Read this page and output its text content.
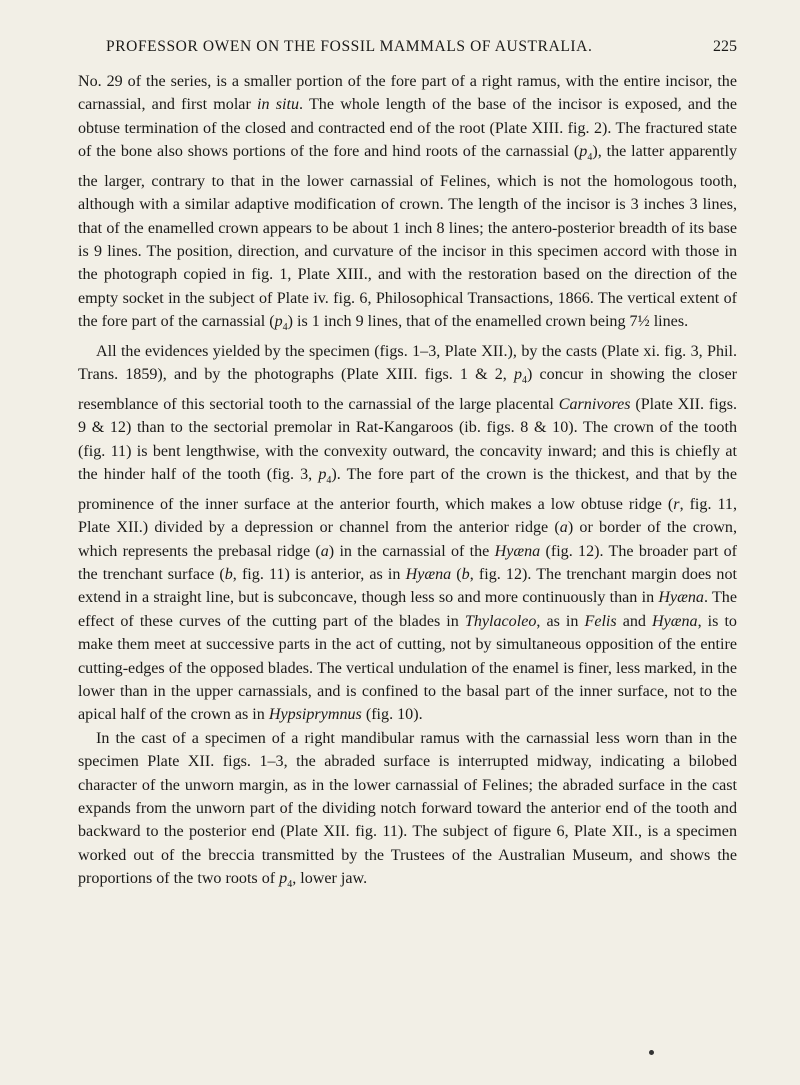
PROFESSOR OWEN ON THE FOSSIL MAMMALS OF AUSTRALIA.	225

No. 29 of the series, is a smaller portion of the fore part of a right ramus, with the entire incisor, the carnassial, and first molar in situ. The whole length of the base of the incisor is exposed, and the obtuse termination of the closed and contracted end of the root (Plate XIII. fig. 2). The fractured state of the bone also shows portions of the fore and hind roots of the carnassial $(p_4)$, the latter apparently the larger, contrary to that in the lower carnassial of Felines, which is not the homologous tooth, although with a similar adaptive modification of crown. The length of the incisor is 3 inches 3 lines, that of the enamelled crown appears to be about 1 inch 8 lines; the antero-posterior breadth of its base is 9 lines. The position, direction, and curvature of the incisor in this specimen accord with those in the photograph copied in fig. 1, Plate XIII., and with the restoration based on the direction of the empty socket in the subject of Plate iv. fig. 6, Philosophical Transactions, 1866. The vertical extent of the fore part of the carnassial $(p_4)$ is 1 inch 9 lines, that of the enamelled crown being 7½ lines.

All the evidences yielded by the specimen (figs. 1–3, Plate XII.), by the casts (Plate xi. fig. 3, Phil. Trans. 1859), and by the photographs (Plate XIII. figs. 1 & 2, $p_4$) concur in showing the closer resemblance of this sectorial tooth to the carnassial of the large placental Carnivores (Plate XII. figs. 9 & 12) than to the sectorial premolar in Rat-Kangaroos (ib. figs. 8 & 10). The crown of the tooth (fig. 11) is bent lengthwise, with the convexity outward, the concavity inward; and this is chiefly at the hinder half of the tooth (fig. 3, $p_4$). The fore part of the crown is the thickest, and that by the prominence of the inner surface at the anterior fourth, which makes a low obtuse ridge (r, fig. 11, Plate XII.) divided by a depression or channel from the anterior ridge (a) or border of the crown, which represents the prebasal ridge (a) in the carnassial of the Hyæna (fig. 12). The broader part of the trenchant surface (b, fig. 11) is anterior, as in Hyæna (b, fig. 12). The trenchant margin does not extend in a straight line, but is subconcave, though less so and more continuously than in Hyæna. The effect of these curves of the cutting part of the blades in Thylacoleo, as in Felis and Hyæna, is to make them meet at successive parts in the act of cutting, not by simultaneous opposition of the entire cutting-edges of the opposed blades. The vertical undulation of the enamel is finer, less marked, in the lower than in the upper carnassials, and is confined to the basal part of the inner surface, not to the apical half of the crown as in Hypsiprymnus (fig. 10).

In the cast of a specimen of a right mandibular ramus with the carnassial less worn than in the specimen Plate XII. figs. 1–3, the abraded surface is interrupted midway, indicating a bilobed character of the unworn margin, as in the lower carnassial of Felines; the abraded surface in the cast expands from the unworn part of the dividing notch forward toward the anterior end of the tooth and backward to the posterior end (Plate XII. fig. 11). The subject of figure 6, Plate XII., is a specimen worked out of the breccia transmitted by the Trustees of the Australian Museum, and shows the proportions of the two roots of $p_4$, lower jaw.
